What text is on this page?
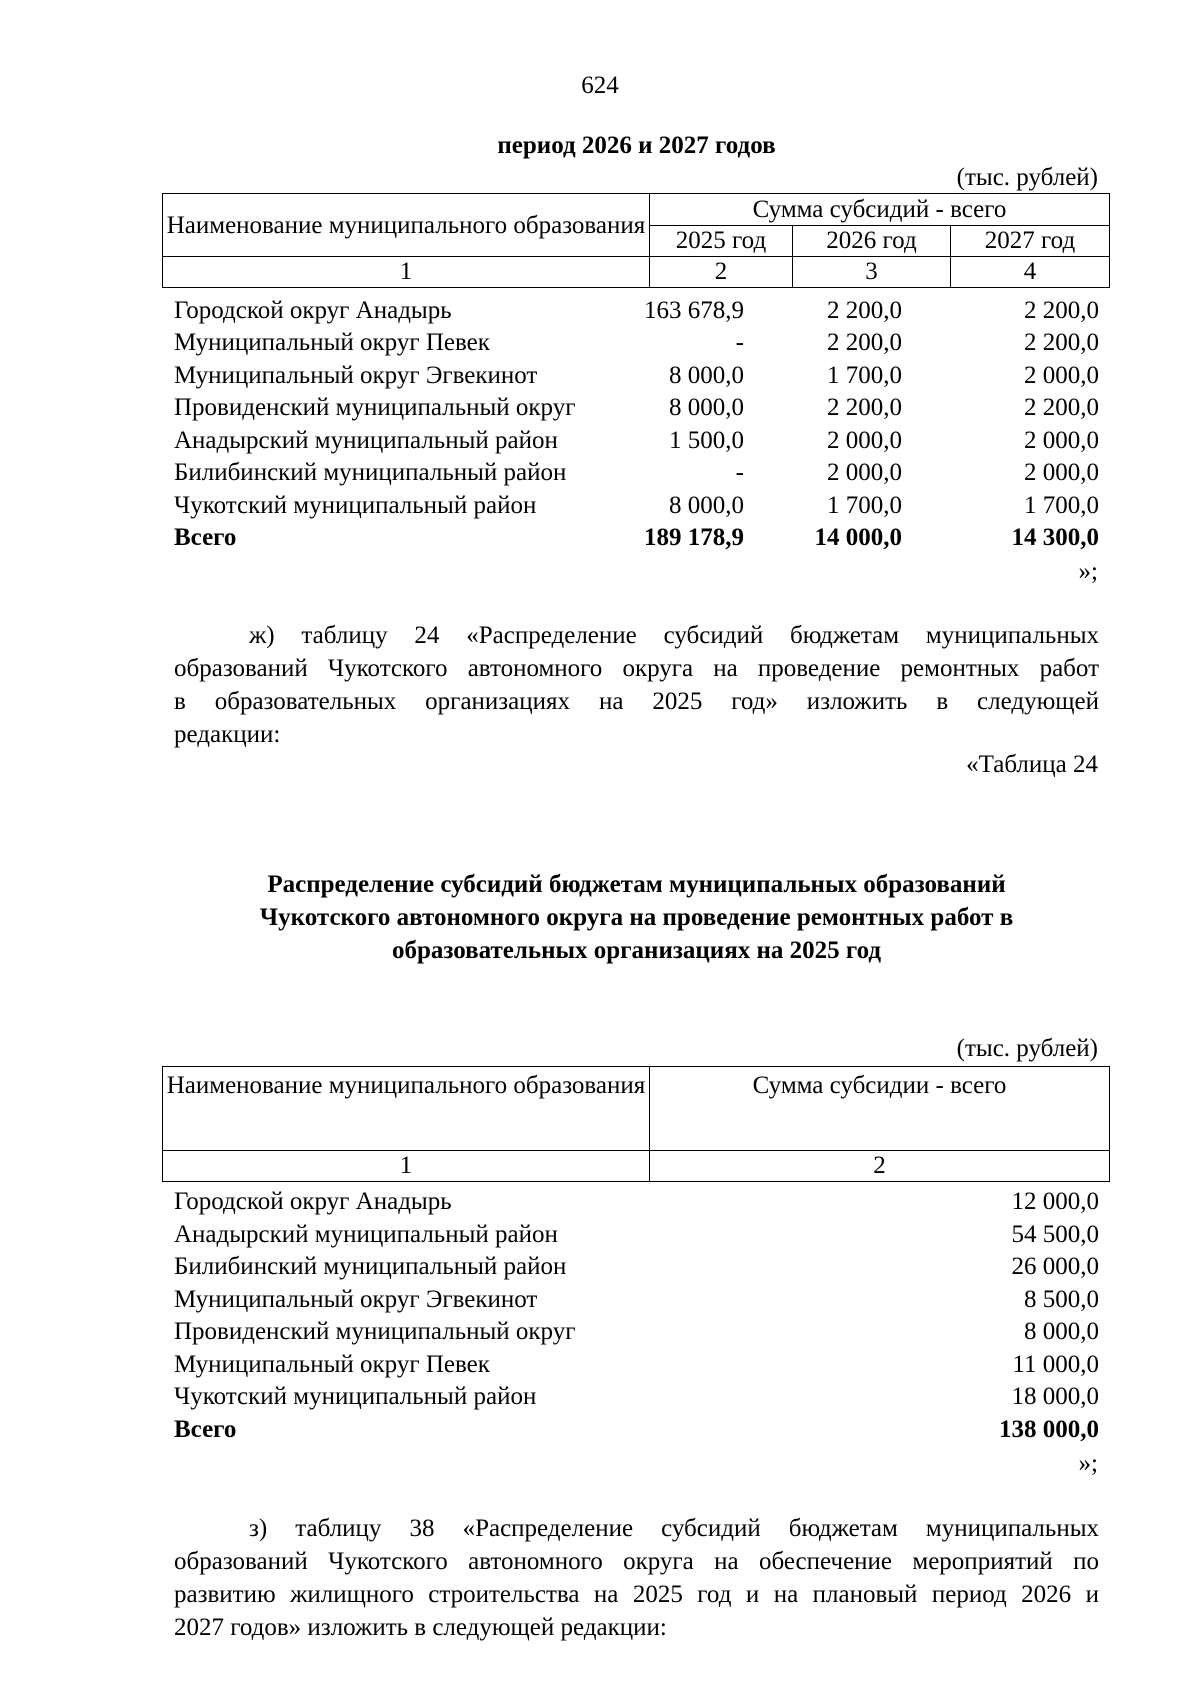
624
период 2026 и 2027 годов
(тыс. рублей)
Наименование муниципального образования	Сумма субсидий - всего		
	2025 год	2026 год	2027 год
1	2	3	4
Городской округ Анадырь	163 678,9	2 200,0	2 200,0
Муниципальный округ Певек	-	2 200,0	2 200,0
Муниципальный округ Эгвекинот	8 000,0	1 700,0	2 000,0
Провиденский муниципальный округ	8 000,0	2 200,0	2 200,0
Анадырский муниципальный район	1 500,0	2 000,0	2 000,0
Билибинский муниципальный район	-	2 000,0	2 000,0
Чукотский муниципальный район	8 000,0	1 700,0	1 700,0
Всего	189 178,9	14 000,0	14 300,0
»;
ж) таблицу 24 «Распределение субсидий бюджетам муниципальных
образований Чукотского автономного округа на проведение ремонтных работ
в образовательных организациях на 2025 год» изложить в следующей
редакции:
«Таблица 24
Распределение субсидий бюджетам муниципальных образований
Чукотского автономного округа на проведение ремонтных работ в
образовательных организациях на 2025 год
(тыс. рублей)
Наименование муниципального образования	Сумма субсидии - всего
1	2
Городской округ Анадырь	12 000,0
Анадырский муниципальный район	54 500,0
Билибинский муниципальный район	26 000,0
Муниципальный округ Эгвекинот	8 500,0
Провиденский муниципальный округ	8 000,0
Муниципальный округ Певек	11 000,0
Чукотский муниципальный район	18 000,0
Всего	138 000,0
»;
з) таблицу 38 «Распределение субсидий бюджетам муниципальных
образований Чукотского автономного округа на обеспечение мероприятий по
развитию жилищного строительства на 2025 год и на плановый период 2026 и
2027 годов» изложить в следующей редакции:
